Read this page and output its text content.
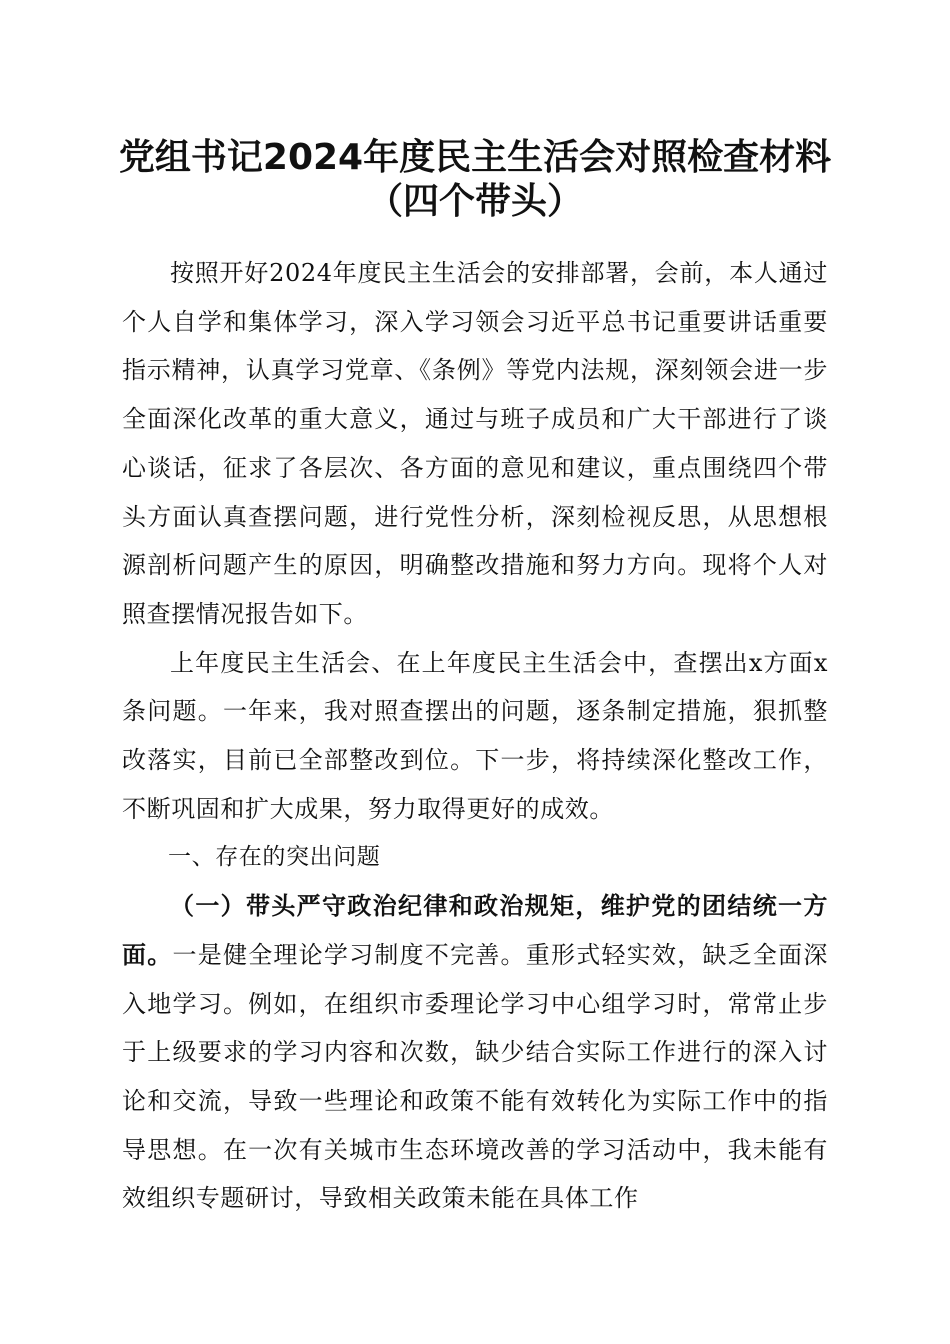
党组书记2024年度民主生活会对照检查材料
（四个带头）

按照开好2024年度民主生活会的安排部署，会前，本人通过个人自学和集体学习，深入学习领会习近平总书记重要讲话重要指示精神，认真学习党章、《条例》等党内法规，深刻领会进一步全面深化改革的重大意义，通过与班子成员和广大干部进行了谈心谈话，征求了各层次、各方面的意见和建议，重点围绕四个带头方面认真查摆问题，进行党性分析，深刻检视反思，从思想根源剖析问题产生的原因，明确整改措施和努力方向。现将个人对照查摆情况报告如下。

上年度民主生活会、在上年度民主生活会中，查摆出x方面x条问题。一年来，我对照查摆出的问题，逐条制定措施，狠抓整改落实，目前已全部整改到位。下一步，将持续深化整改工作，不断巩固和扩大成果，努力取得更好的成效。

一、存在的突出问题

（一）带头严守政治纪律和政治规矩，维护党的团结统一方面。一是健全理论学习制度不完善。重形式轻实效，缺乏全面深入地学习。例如，在组织市委理论学习中心组学习时，常常止步于上级要求的学习内容和次数，缺少结合实际工作进行的深入讨论和交流，导致一些理论和政策不能有效转化为实际工作中的指导思想。在一次有关城市生态环境改善的学习活动中，我未能有效组织专题研讨，导致相关政策未能在具体工作
